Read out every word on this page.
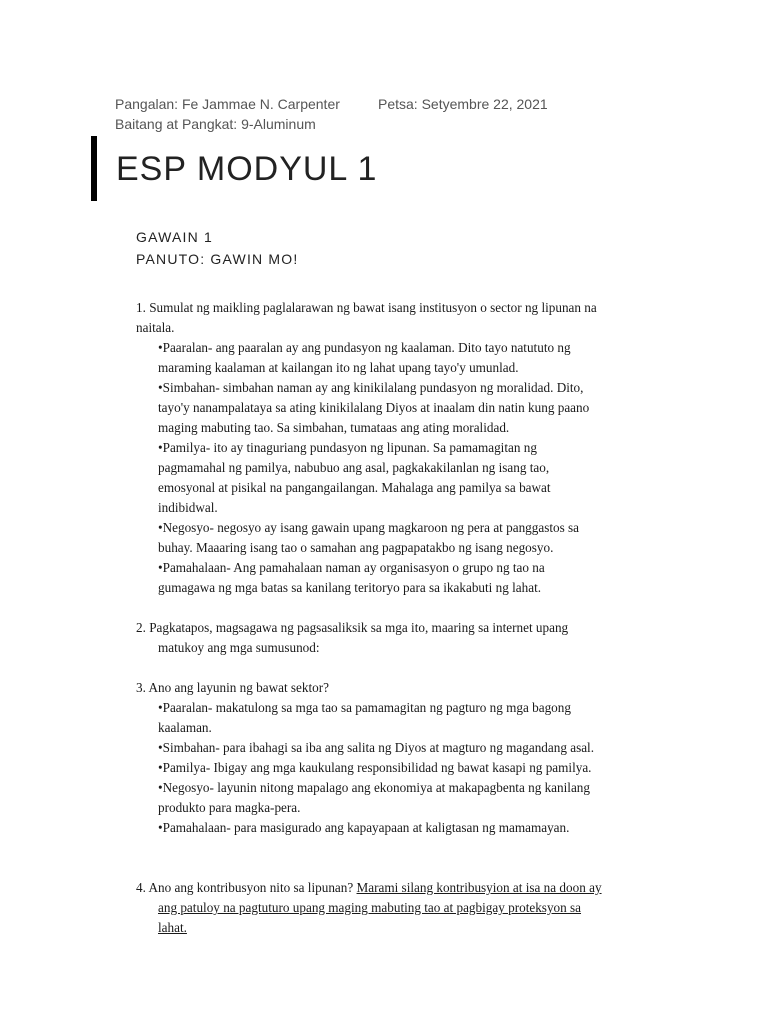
Pangalan: Fe Jammae N. Carpenter	Petsa: Setyembre 22, 2021
Baitang at Pangkat: 9-Aluminum
ESP MODYUL 1
GAWAIN 1
PANUTO: GAWIN MO!
1. Sumulat ng maikling paglalarawan ng bawat isang institusyon o sector ng lipunan na
naitala.
•Paaralan- ang paaralan ay ang pundasyon ng kaalaman. Dito tayo natututo ng
maraming kaalaman at kailangan ito ng lahat upang tayo'y umunlad.
•Simbahan- simbahan naman ay ang kinikilalang pundasyon ng moralidad. Dito,
tayo'y nanampalataya sa ating kinikilalang Diyos at inaalam din natin kung paano
maging mabuting tao. Sa simbahan, tumataas ang ating moralidad.
•Pamilya- ito ay tinaguriang pundasyon ng lipunan. Sa pamamagitan ng
pagmamahal ng pamilya, nabubuo ang asal, pagkakakilanlan ng isang tao,
emosyonal at pisikal na pangangailangan. Mahalaga ang pamilya sa bawat
indibidwal.
•Negosyo- negosyo ay isang gawain upang magkaroon ng pera at panggastos sa
buhay. Maaaring isang tao o samahan ang pagpapatakbo ng isang negosyo.
•Pamahalaan- Ang pamahalaan naman ay organisasyon o grupo ng tao na
gumagawa ng mga batas sa kanilang teritoryo para sa ikakabuti ng lahat.
2. Pagkatapos, magsagawa ng pagsasaliksik sa mga ito, maaring sa internet upang
matukoy ang mga sumusunod:
3. Ano ang layunin ng bawat sektor?
•Paaralan- makatulong sa mga tao sa pamamagitan ng pagturo ng mga bagong
kaalaman.
•Simbahan- para ibahagi sa iba ang salita ng Diyos at magturo ng magandang asal.
•Pamilya- Ibigay ang mga kaukulang responsibilidad ng bawat kasapi ng pamilya.
•Negosyo- layunin nitong mapalago ang ekonomiya at makapagbenta ng kanilang
produkto para magka-pera.
•Pamahalaan- para masigurado ang kapayapaan at kaligtasan ng mamamayan.
4. Ano ang kontribusyon nito sa lipunan? Marami silang kontribusyion at isa na doon ay
ang patuloy na pagtuturo upang maging mabuting tao at pagbigay proteksyon sa
lahat.
